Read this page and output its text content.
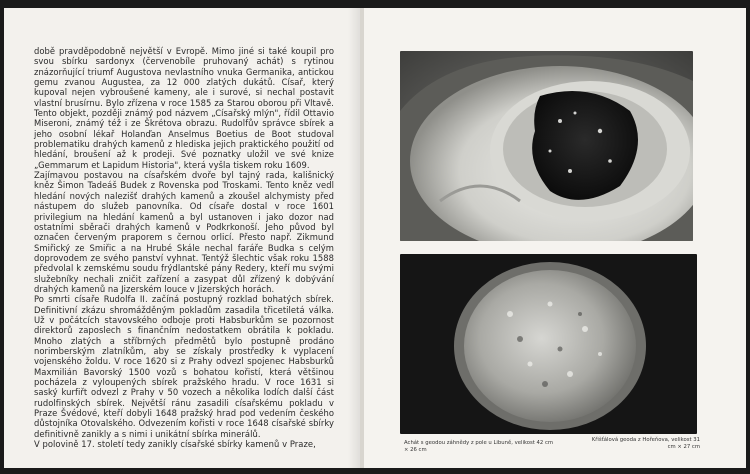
době pravděpodobně největší v Evropě. Mimo jiné si také koupil pro svou sbírku sardonyx (červenobíle pruhovaný achát) s rytinou znázorňující triumf Augustova nevlastního vnuka Germanika, antickou gemu zvanou Augustea, za 12 000 zlatých dukátů. Císař, který kupoval nejen vybroušené kameny, ale i surové, si nechal postavit vlastní brusírnu. Bylo zřízena v roce 1585 za Starou oborou při Vltavě. Tento objekt, později známý pod názvem „Císařský mlýn", řídil Ottavio Miseroni, známý též i ze Škrétova obrazu. Rudolfův správce sbírek a jeho osobní lékař Holanďan Anselmus Boetius de Boot studoval problematiku drahých kamenů z hlediska jejich praktického použití od hledání, broušení až k prodeji. Své poznatky uložil ve své knize „Gemmarum et Lapidum Historia", která vyšla tiskem roku 1609.

Zajímavou postavou na císařském dvoře byl tajný rada, kališnický kněz Šimon Tadeáš Budek z Rovenska pod Troskami. Tento kněz vedl hledání nových nalezišť drahých kamenů a zkoušel alchymisty před nástupem do služeb panovníka. Od císaře dostal v roce 1601 privilegium na hledání kamenů a byl ustanoven i jako dozor nad ostatními sběrači drahých kamenů v Podkrkonoší. Jeho původ byl označen červeným praporem s černou orlicí. Přesto např. Zikmund Smiřický ze Smiřic a na Hrubé Skále nechal faráře Budka s celým doprovodem ze svého panství vyhnat. Tentýž šlechtic však roku 1588 předvolal k zemskému soudu frýdlantské pány Redery, kteří mu svými služebníky nechali zničit zařízení a zasypat důl zřízený k dobývání drahých kamenů na Jizerském louce v Jizerských horách.

Po smrti císaře Rudolfa II. začíná postupný rozklad bohatých sbírek. Definitivní zkázu shromážděným pokladům zasadila třicetiletá válka. Už v počátcích stavovského odboje proti Habsburkům se pozornost direktorů zaposlech s finančním nedostatkem obrátila k pokladu. Mnoho zlatých a stříbrných předmětů bylo postupně prodáno norimberským zlatníkům, aby se získaly prostředky k vyplacení vojenského žoldu. V roce 1620 si z Prahy odvezl spojenec Habsburků Maxmilián Bavorský 1500 vozů s bohatou kořistí, která většinou pocházela z vyloupených sbírek pražského hradu. V roce 1631 si saský kurfiřt odvezl z Prahy v 50 vozech a několika lodích další část rudolfinských sbírek. Největší ránu zasadili císařskému pokladu v Praze Švédové, kteří dobyli 1648 pražský hrad pod vedením českého důstojníka Otovalského. Odvezením kořisti v roce 1648 císařské sbírky definitivně zanikly a s nimi i unikátní sbírka minerálů.

V polovině 17. století tedy zanikly císařské sbírky kamenů v Praze,	Achát s geodou záhnědy z pole u Libuně, velikost 42 cm × 26 cm
Křišťálová geoda z Hořeňova, velikost 31 cm × 27 cm
